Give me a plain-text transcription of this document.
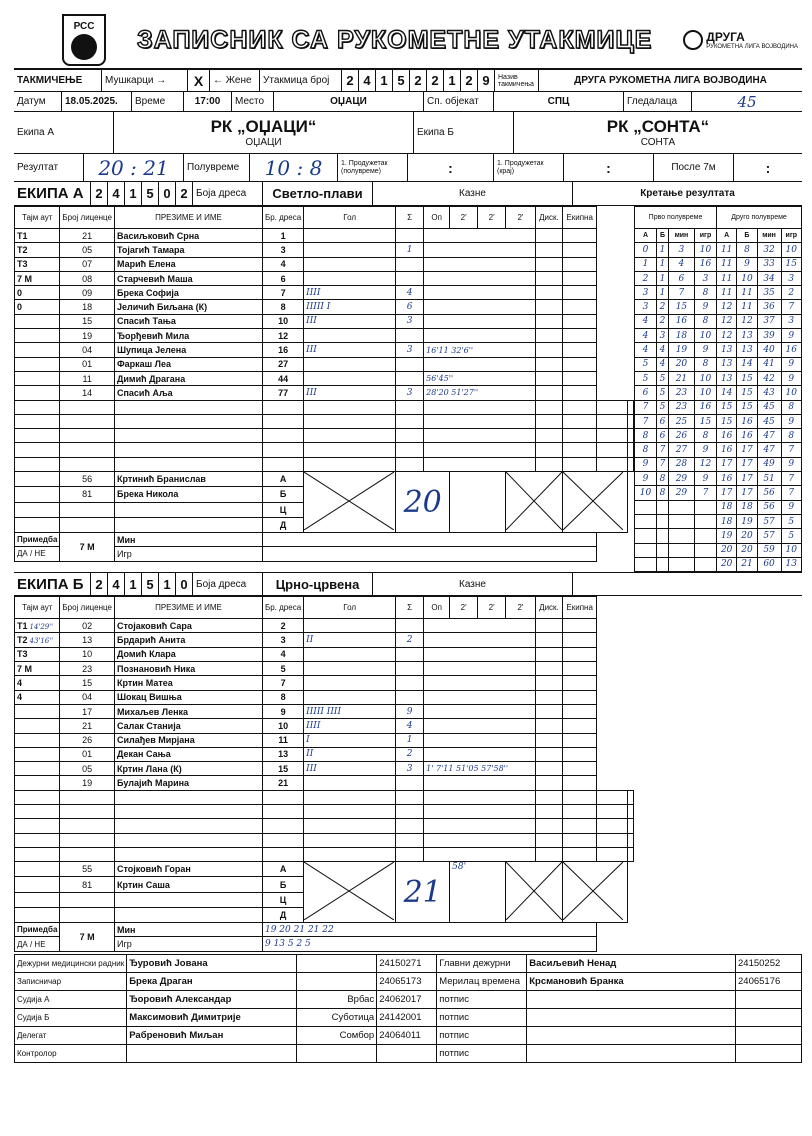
РСС	ЗАПИСНИК СА РУКОМЕТНЕ УТАКМИЦЕ	ДРУГА
РУКОМЕТНА ЛИГА ВОЈВОДИНА
ТАКМИЧЕЊЕ	Мушкарци →	X ← Жене	Утакмица број	2 4 1 5 2 2 1 2 9	Назив такмичења	ДРУГА РУКОМЕТНА ЛИГА ВОЈВОДИНА
Датум	18.05.2025.	Време	17:00	Место	ОЏАЦИ	Сп. објекат	СПЦ	Гледалаца	45
Екипа А	РК „ОЏАЦИ“
ОЏАЦИ
Екипа Б	РК „СОНТА“
СОНТА
Резултат	20 : 21	Полувреме	10 : 8	1. Продужетак (полувреме)	:	1. Продужетак (крај)	:	После 7м	:
ЕКИПА А 2 4 1 5 0 2 Боја дреса	Светло-плави	Казне	Кретање резултата
Тајм аут	Број лиценце	ПРЕЗИМЕ И ИМЕ	Бр. дреса	Гол	Σ	Оп	2'	2'	2'	Диск.	Екипна		
Т1	21	Васиљковић Срна	1										
Т2	05	Тојагић Тамара	3		1								
Т3	07	Марић Елена	4										
7 М	08	Старчевић Маша	6										
0	09	Брека Софија	7	IIII	4								
0	18	Јеличић Биљана (К)	8	IIIII I	6								
	15	Спасић Тања	10	III	3								
	19	Ђорђевић Мила	12										
	04	Шупица Јелена	16	III	3	16'11 32'6''							
	01	Фаркаш Леа	27										
	11	Димић Драгана	44			56'45''							
	14	Спасић Аља	77	III	3	28'20 51'27''							

	56	Кртинић Бранислав	А		20			
	81	Брека Никола	Б										
			Ц										
			Д										
Примедба	7 М	Мин											
ДА / НЕ		Игр											
Прво полувреме				Друго полувреме			
А	Б	мин	игр	А	Б	мин	игр
0	1	3	10	11	8	32	10
1	1	4	16	11	9	33	15
2	1	6	3	11	10	34	3
3	1	7	8	11	11	35	2
3	2	15	9	12	11	36	7
4	2	16	8	12	12	37	3
4	3	18	10	12	13	39	9
4	4	19	9	13	13	40	16
5	4	20	8	13	14	41	9
5	5	21	10	13	15	42	9
6	5	23	10	14	15	43	10
7	5	23	16	15	15	45	8
7	6	25	15	15	16	45	9
8	6	26	8	16	16	47	8
8	7	27	9	16	17	47	7
9	7	28	12	17	17	49	9
9	8	29	9	16	17	51	7
10	8	29	7	17	17	56	7
				18	18	56	9
				18	19	57	5
				19	20	57	5
				20	20	59	10
				20	21	60	13
ЕКИПА Б 2 4 1 5 1 0 Боја дреса	Црно-црвена	Казне
Тајм аут	Број лиценце	ПРЕЗИМЕ И ИМЕ	Бр. дреса	Гол	Σ	Оп	2'	2'	2'	Диск.	Екипна		
Т1 14'29''	02	Стојаковић Сара	2										
Т2 43'16''	13	Брдарић Анита	3	II	2								
Т3	10	Домић Клара	4										
7 М	23	Познановић Ника	5										
4	15	Кртин Матеа	7										
4	04	Шокац Вишња	8										
	17	Михаљев Ленка	9	IIIII IIII	9								
	21	Салак Станија	10	IIII	4								
	26	Силађев Мирјана	11	I	1								
	01	Декан Сања	13	II	2								
	05	Кртин Лана (К)	15	III	3	1' 7'11 51'05 57'58''							
	19	Булајић Марина	21										

	55	Стојковић Горан	А		21		58'		
	81	Кртин Саша	Б										
			Ц										
			Д										
Примедба	7 М	Мин	19 20 21 21 22										
ДА / НЕ		Игр	9 13 5 2 5										
Дежурни медицински радник	Ђуровић Јована		24150271	Главни дежурни	Васиљевић Ненад	24150252
Записничар	Брека Драган		24065173	Мерилац времена	Крсмановић Бранка	24065176
Судија А	Ђоровић Александар	Врбас	24062017	потпис		
Судија Б	Максимовић Димитрије	Суботица	24142001	потпис		
Делегат	Рабреновић Миљан	Сомбор	24064011	потпис		
Контролор				потпис		
